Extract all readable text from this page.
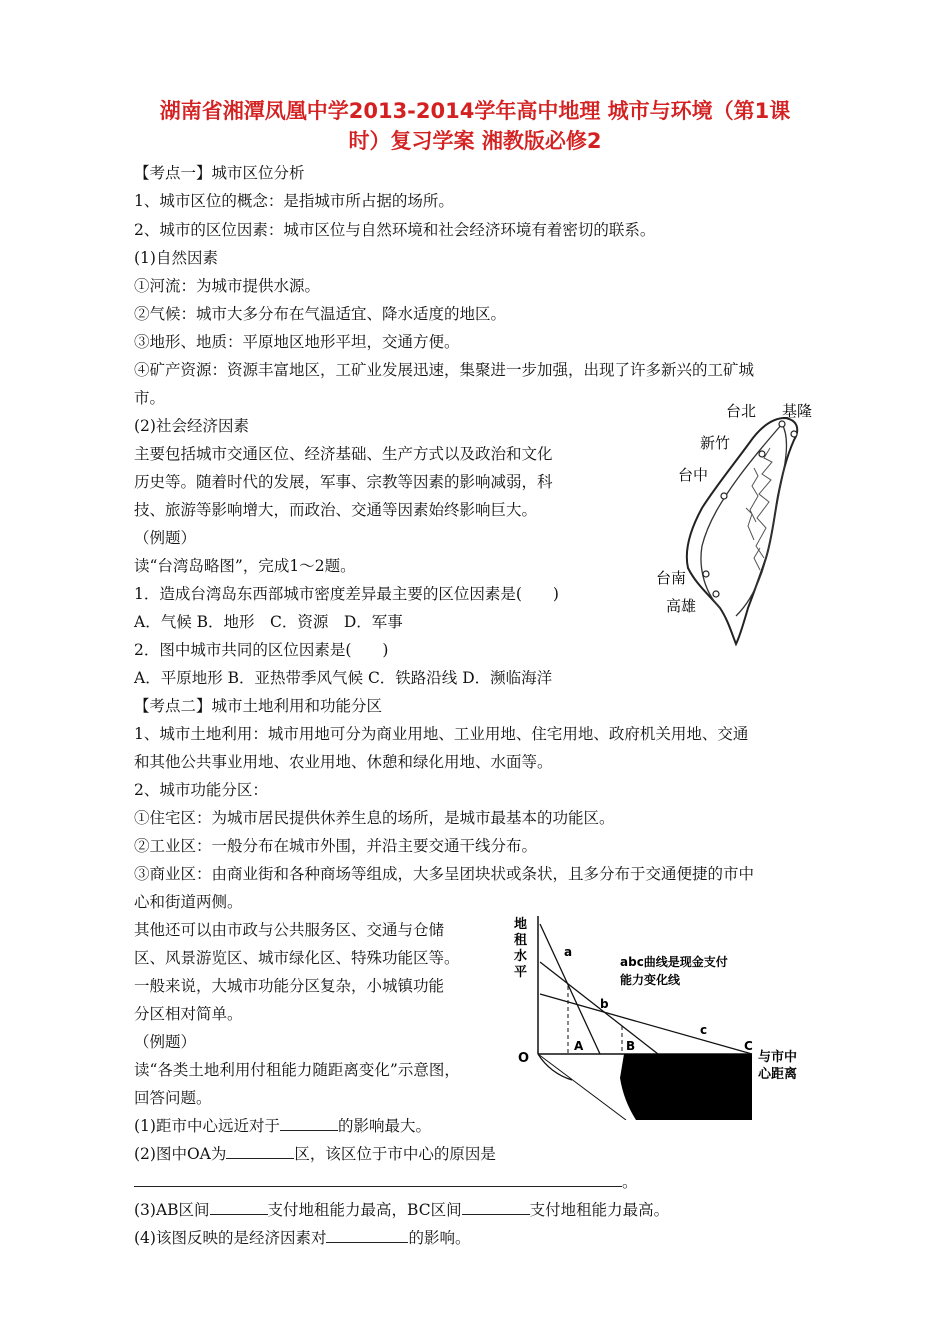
湖南省湘潭凤凰中学2013-2014学年高中地理 城市与环境（第1课
时）复习学案 湘教版必修2
【考点一】城市区位分析
1、城市区位的概念：是指城市所占据的场所。
2、城市的区位因素：城市区位与自然环境和社会经济环境有着密切的联系。
(1)自然因素
①河流：为城市提供水源。
②气候：城市大多分布在气温适宜、降水适度的地区。
③地形、地质：平原地区地形平坦，交通方便。
④矿产资源：资源丰富地区，工矿业发展迅速，集聚进一步加强，出现了许多新兴的工矿城
市。
(2)社会经济因素
主要包括城市交通区位、经济基础、生产方式以及政治和文化
历史等。随着时代的发展，军事、宗教等因素的影响减弱，科
技、旅游等影响增大，而政治、交通等因素始终影响巨大。
（例题）
读“台湾岛略图”，完成1～2题。
1．造成台湾岛东西部城市密度差异最主要的区位因素是(　　)
A．气候 B．地形　C．资源　D．军事
2．图中城市共同的区位因素是(　　)
A．平原地形 B．亚热带季风气候 C．铁路沿线 D．濒临海洋
【考点二】城市土地利用和功能分区
1、城市土地利用：城市用地可分为商业用地、工业用地、住宅用地、政府机关用地、交通
和其他公共事业用地、农业用地、休憩和绿化用地、水面等。
2、城市功能分区：
①住宅区：为城市居民提供休养生息的场所，是城市最基本的功能区。
②工业区：一般分布在城市外围，并沿主要交通干线分布。
③商业区：由商业街和各种商场等组成，大多呈团块状或条状，且多分布于交通便捷的市中
心和街道两侧。
其他还可以由市政与公共服务区、交通与仓储
区、风景游览区、城市绿化区、特殊功能区等。
一般来说，大城市功能分区复杂，小城镇功能
分区相对简单。
（例题）
读“各类土地利用付租能力随距离变化”示意图，
回答问题。
(1)距市中心远近对于	的影响最大。
(2)图中OA为	区，该区位于市中心的原因是
。
(3)AB区间	支付地租能力最高，BC区间	支付地租能力最高。
(4)该图反映的是经济因素对	的影响。
台北 基隆
新竹
台中
台南
高雄
地
租
水
平
O	与市中
心距离
abc曲线是现金支付
能力变化线
a
b
c
A	B	C
